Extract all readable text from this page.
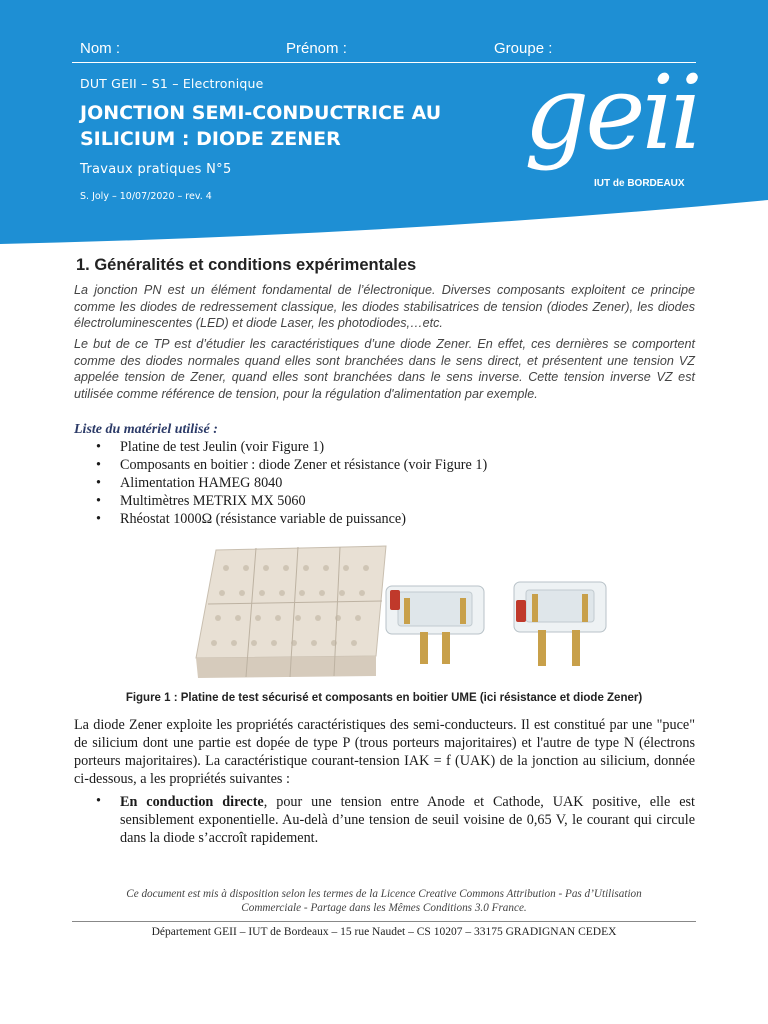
Nom :	Prénom :	Groupe :
DUT GEII – S1 – Electronique
JONCTION SEMI-CONDUCTRICE AU
SILICIUM : DIODE ZENER
Travaux pratiques N°5
S. Joly – 10/07/2020 – rev. 4
geii
IUT de BORDEAUX
1. Généralités et conditions expérimentales
La jonction PN est un élément fondamental de l’électronique. Diverses composants exploitent ce principe comme les diodes de redressement classique, les diodes stabilisatrices de tension (diodes Zener), les diodes électroluminescentes (LED) et diode Laser, les photodiodes,…etc.
Le but de ce TP est d’étudier les caractéristiques d’une diode Zener. En effet, ces dernières se comportent comme des diodes normales quand elles sont branchées dans le sens direct, et présentent une tension VZ appelée tension de Zener, quand elles sont branchées dans le sens inverse. Cette tension inverse VZ est utilisée comme référence de tension, pour la régulation d'alimentation par exemple.
Liste du matériel utilisé :
• Platine de test Jeulin (voir Figure 1)
• Composants en boitier : diode Zener et résistance (voir Figure 1)
• Alimentation HAMEG 8040
• Multimètres METRIX MX 5060
• Rhéostat 1000Ω (résistance variable de puissance)
Figure 1 : Platine de test sécurisé et composants en boitier UME (ici résistance et diode Zener)
La diode Zener exploite les propriétés caractéristiques des semi-conducteurs. Il est constitué par une "puce" de silicium dont une partie est dopée de type P (trous porteurs majoritaires) et l'autre de type N (électrons porteurs majoritaires). La caractéristique courant-tension IAK = f (UAK) de la jonction au silicium, donnée ci-dessous, a les propriétés suivantes :
• En conduction directe, pour une tension entre Anode et Cathode, UAK positive, elle est sensiblement exponentielle. Au-delà d’une tension de seuil voisine de 0,65 V, le courant qui circule dans la diode s’accroît rapidement.
Ce document est mis à disposition selon les termes de la Licence Creative Commons Attribution - Pas d’Utilisation Commerciale - Partage dans les Mêmes Conditions 3.0 France.
Département GEII – IUT de Bordeaux – 15 rue Naudet – CS 10207 – 33175 GRADIGNAN CEDEX
